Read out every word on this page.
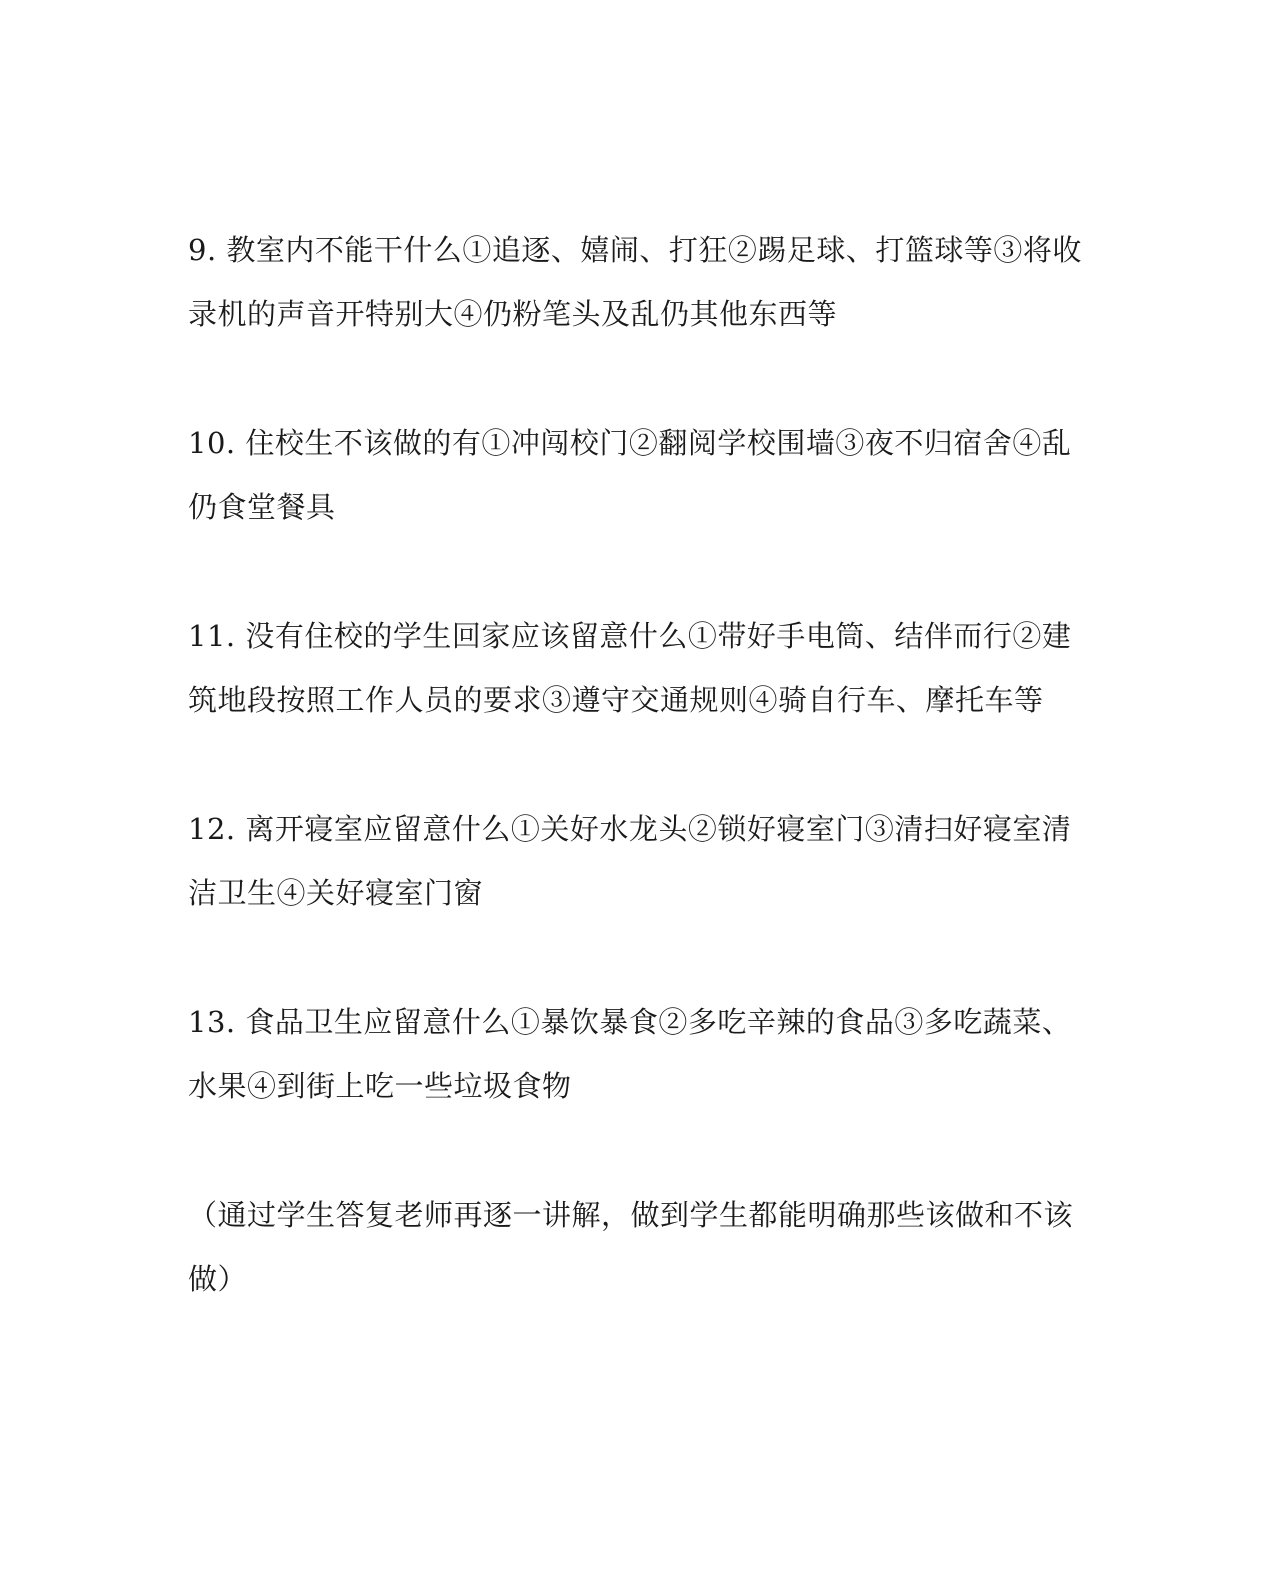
9. 教室内不能干什么①追逐、嬉闹、打狂②踢足球、打篮球等③将收
录机的声音开特别大④仍粉笔头及乱仍其他东西等

10. 住校生不该做的有①冲闯校门②翻阅学校围墙③夜不归宿舍④乱
仍食堂餐具

11. 没有住校的学生回家应该留意什么①带好手电筒、结伴而行②建
筑地段按照工作人员的要求③遵守交通规则④骑自行车、摩托车等

12. 离开寝室应留意什么①关好水龙头②锁好寝室门③清扫好寝室清
洁卫生④关好寝室门窗

13. 食品卫生应留意什么①暴饮暴食②多吃辛辣的食品③多吃蔬菜、
水果④到街上吃一些垃圾食物

（通过学生答复老师再逐一讲解，做到学生都能明确那些该做和不该
做）
